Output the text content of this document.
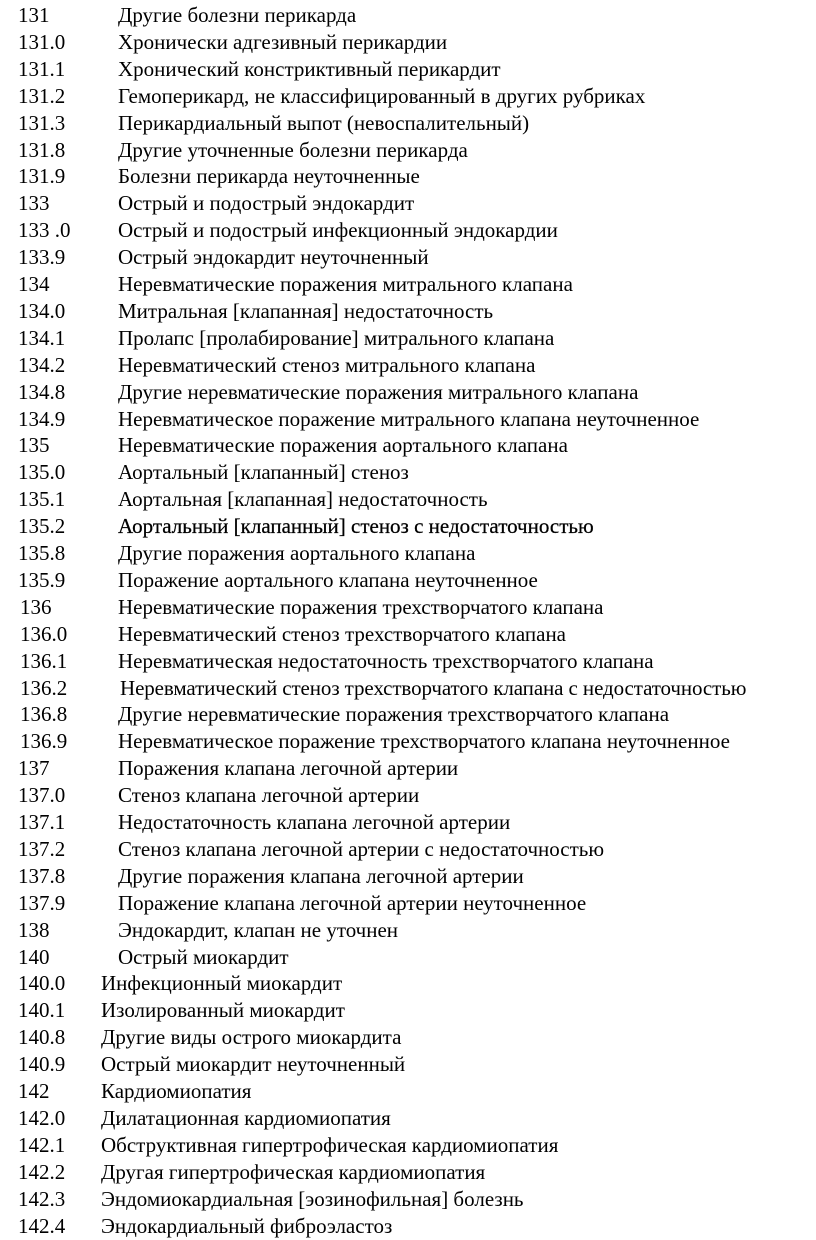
131	Другие болезни перикарда
131.0	Хронически адгезивный перикардии
131.1	Хронический констриктивный перикардит
131.2	Гемоперикард, не классифицированный в других рубриках
131.3	Перикардиальный выпот (невоспалительный)
131.8	Другие уточненные болезни перикарда
131.9	Болезни перикарда неуточненные
133	Острый и подострый эндокардит
133 .0 Острый и подострый инфекционный эндокардии
133.9	Острый эндокардит неуточненный
134	Неревматические поражения митрального клапана
134.0	Митральная [клапанная] недостаточность
134.1	Пролапс [пролабирование] митрального клапана
134.2	Неревматический стеноз митрального клапана
134.8	Другие неревматические поражения митрального клапана
134.9	Неревматическое поражение митрального клапана неуточненное
135	Неревматические поражения аортального клапана
135.0	Аортальный [клапанный] стеноз
135.1	Аортальная [клапанная] недостаточность
135.2	Аортальный [клапанный] стеноз с недостаточностью
135.8	Другие поражения аортального клапана
135.9	Поражение аортального клапана неуточненное
136	Неревматические поражения трехстворчатого клапана
136.0 Неревматический стеноз трехстворчатого клапана
136.1 Неревматическая недостаточность трехстворчатого клапана
136.2	Неревматический стеноз трехстворчатого клапана с недостаточностью
136.8 Другие неревматические поражения трехстворчатого клапана
136.9 Неревматическое поражение трехстворчатого клапана неуточненное
137	Поражения клапана легочной артерии
137.0	Стеноз клапана легочной артерии
137.1	Недостаточность клапана легочной артерии
137.2	Стеноз клапана легочной артерии с недостаточностью
137.8	Другие поражения клапана легочной артерии
137.9	Поражение клапана легочной артерии неуточненное
138	Эндокардит, клапан не уточнен
140	Острый миокардит
140.0 Инфекционный миокардит
140.1 Изолированный миокардит
140.8 Другие виды острого миокардита
140.9 Острый миокардит неуточненный
142 Кардиомиопатия
142.0 Дилатационная кардиомиопатия
142.1 Обструктивная гипертрофическая кардиомиопатия
142.2 Другая гипертрофическая кардиомиопатия
142.3 Эндомиокардиальная [эозинофильная] болезнь
142.4 Эндокардиальный фиброэластоз
